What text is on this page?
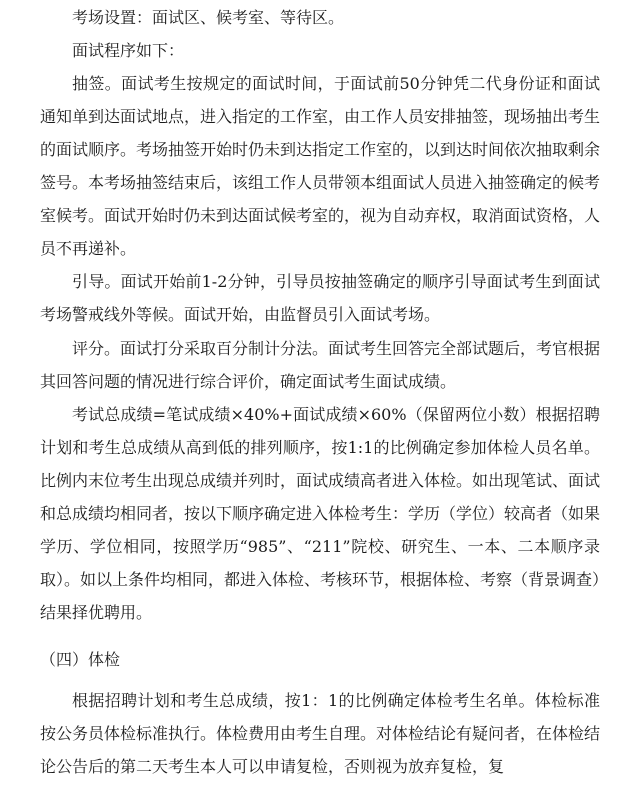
考场设置：面试区、候考室、等待区。

面试程序如下：

抽签。面试考生按规定的面试时间，于面试前50分钟凭二代身份证和面试通知单到达面试地点，进入指定的工作室，由工作人员安排抽签，现场抽出考生的面试顺序。考场抽签开始时仍未到达指定工作室的，以到达时间依次抽取剩余签号。本考场抽签结束后，该组工作人员带领本组面试人员进入抽签确定的候考室候考。面试开始时仍未到达面试候考室的，视为自动弃权，取消面试资格，人员不再递补。

引导。面试开始前1-2分钟，引导员按抽签确定的顺序引导面试考生到面试考场警戒线外等候。面试开始，由监督员引入面试考场。

评分。面试打分采取百分制计分法。面试考生回答完全部试题后，考官根据其回答问题的情况进行综合评价，确定面试考生面试成绩。

考试总成绩=笔试成绩×40%+面试成绩×60%（保留两位小数）根据招聘计划和考生总成绩从高到低的排列顺序，按1:1的比例确定参加体检人员名单。比例内末位考生出现总成绩并列时，面试成绩高者进入体检。如出现笔试、面试和总成绩均相同者，按以下顺序确定进入体检考生：学历（学位）较高者（如果学历、学位相同，按照学历“985”、“211”院校、研究生、一本、二本顺序录取）。如以上条件均相同，都进入体检、考核环节，根据体检、考察（背景调查）结果择优聘用。

（四）体检

根据招聘计划和考生总成绩，按1：1的比例确定体检考生名单。体检标准按公务员体检标准执行。体检费用由考生自理。对体检结论有疑问者，在体检结论公告后的第二天考生本人可以申请复检，否则视为放弃复检，复
